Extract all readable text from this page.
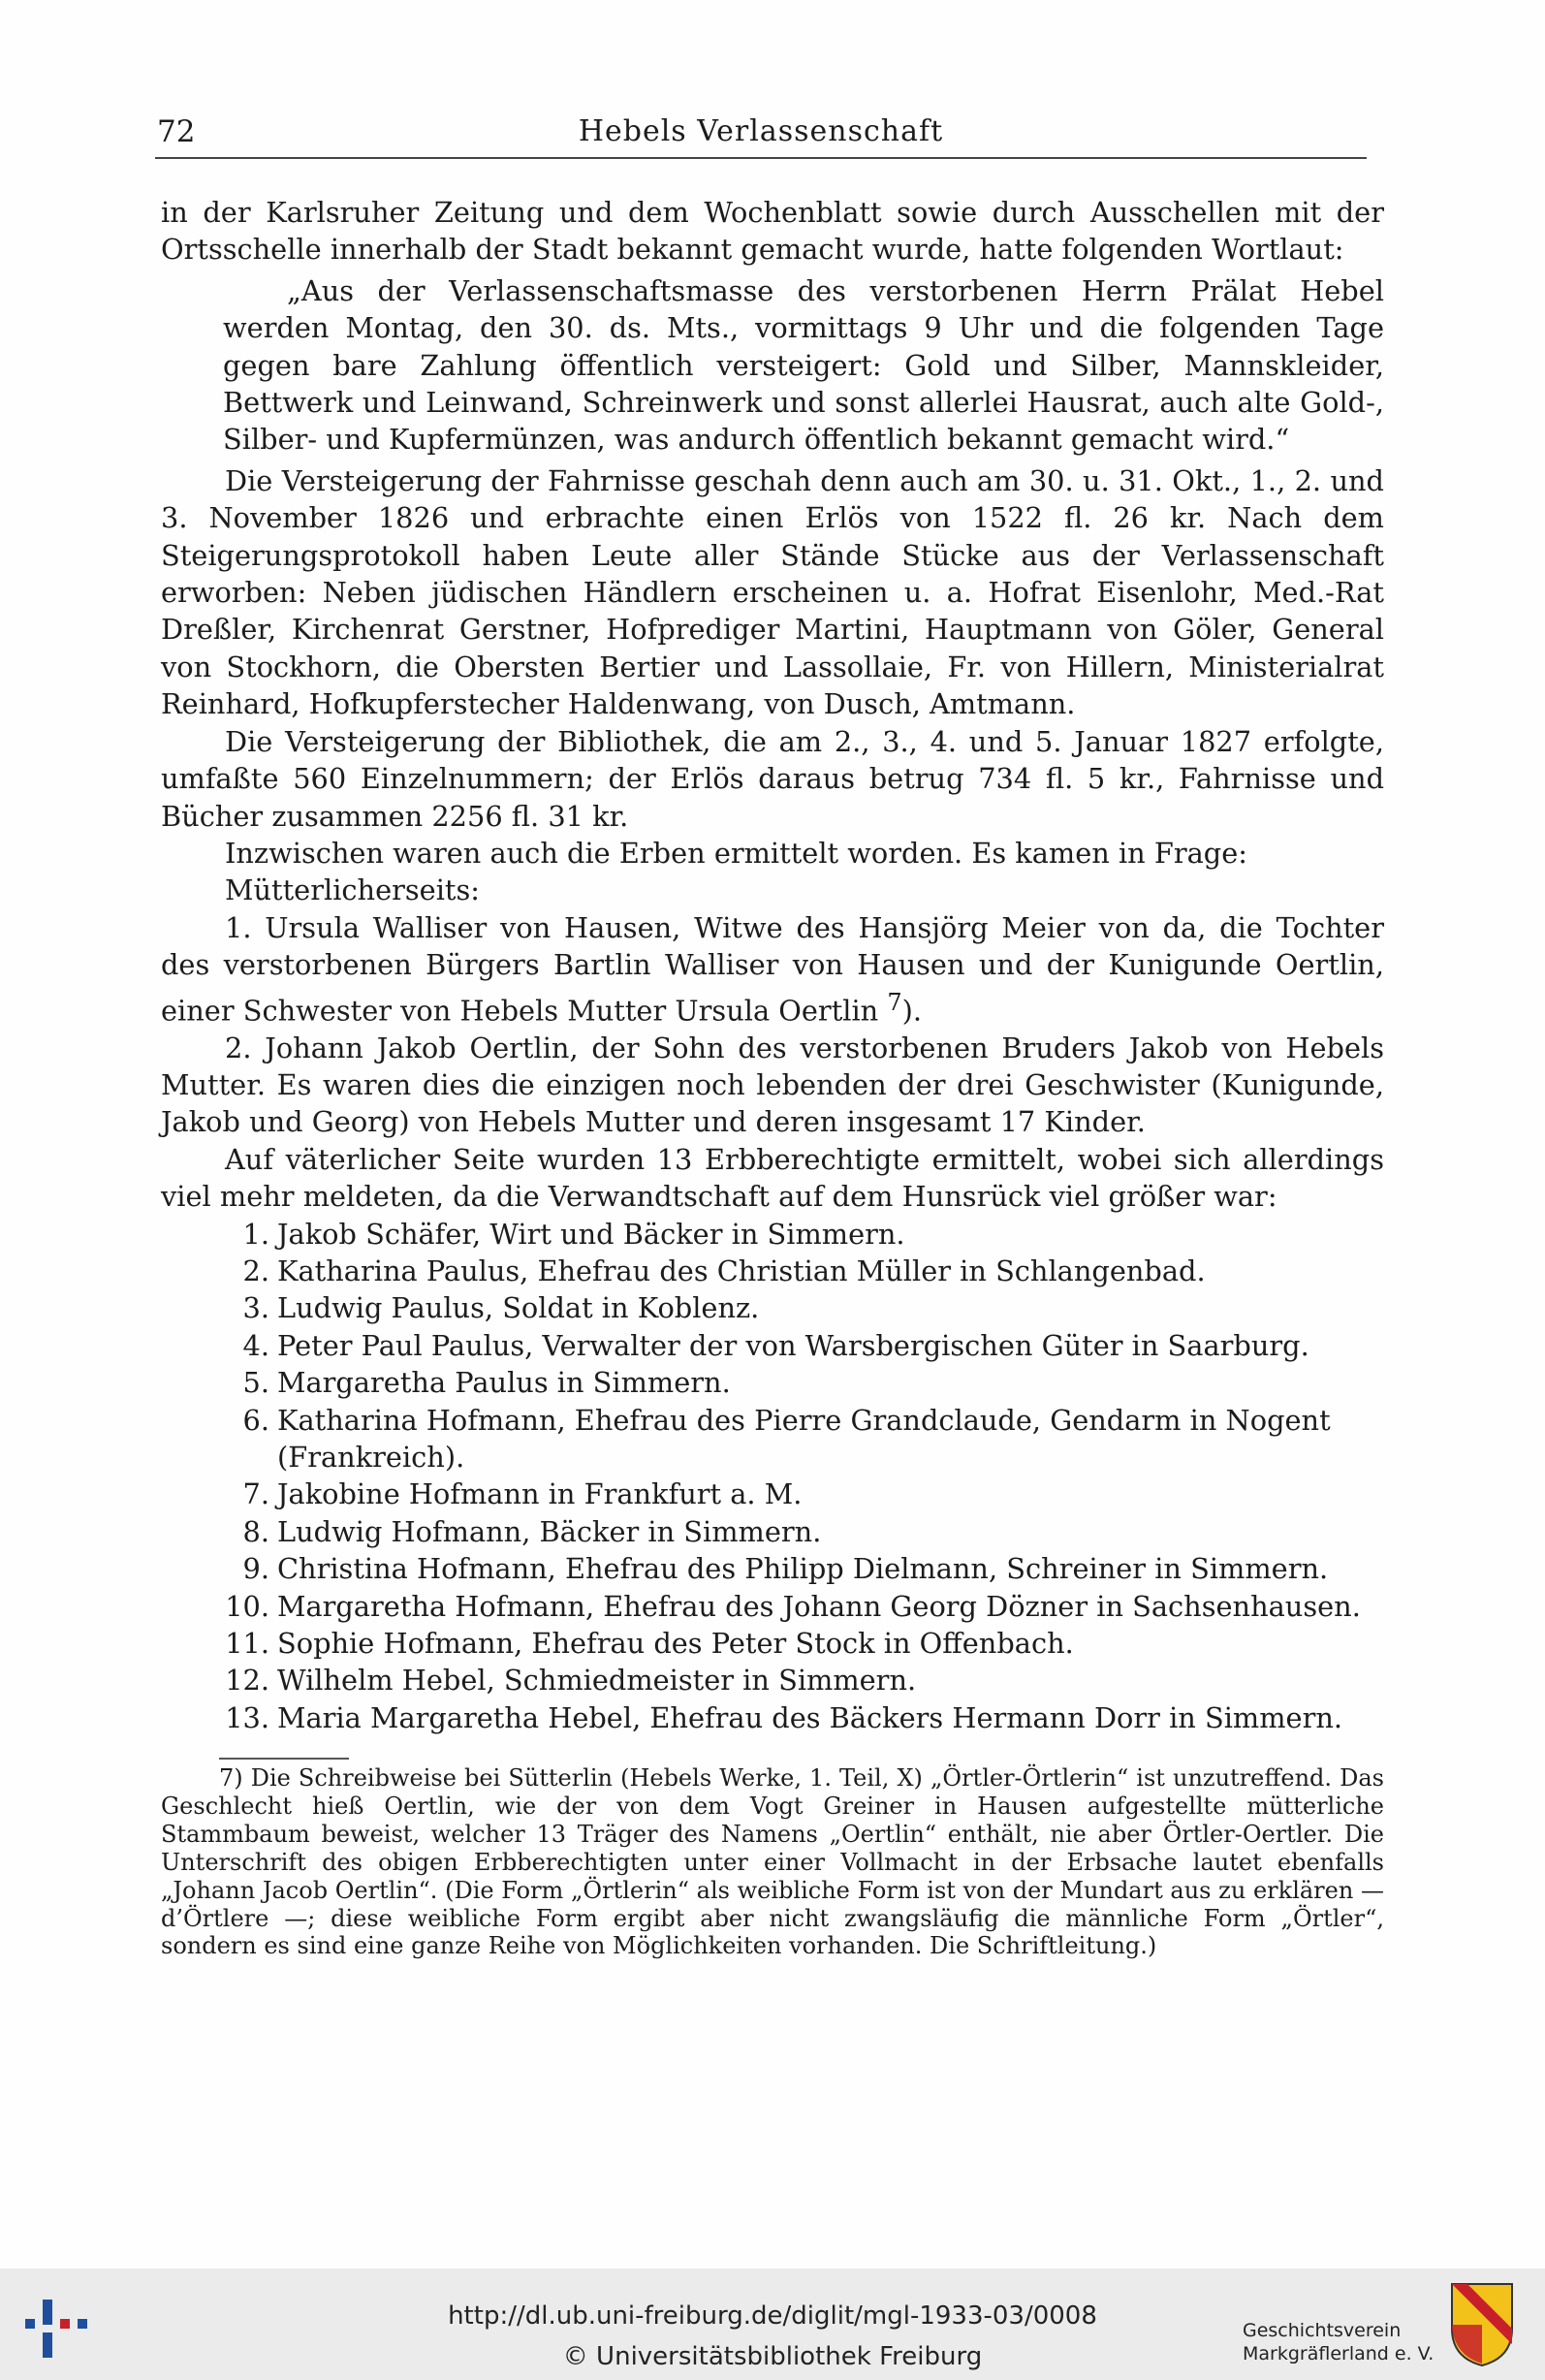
72	Hebels Verlassenschaft

in der Karlsruher Zeitung und dem Wochenblatt sowie durch Ausschellen mit der Ortsschelle innerhalb der Stadt bekannt gemacht wurde, hatte folgenden Wortlaut:

„Aus der Verlassenschaftsmasse des verstorbenen Herrn Prälat Hebel werden Montag, den 30. ds. Mts., vormittags 9 Uhr und die folgenden Tage gegen bare Zahlung öffentlich versteigert: Gold und Silber, Mannskleider, Bettwerk und Leinwand, Schreinwerk und sonst allerlei Hausrat, auch alte Gold-, Silber- und Kupfermünzen, was andurch öffentlich bekannt gemacht wird.“

Die Versteigerung der Fahrnisse geschah denn auch am 30. u. 31. Okt., 1., 2. und 3. November 1826 und erbrachte einen Erlös von 1522 fl. 26 kr. Nach dem Steigerungsprotokoll haben Leute aller Stände Stücke aus der Verlassenschaft erworben: Neben jüdischen Händlern erscheinen u. a. Hofrat Eisenlohr, Med.-Rat Dreßler, Kirchenrat Gerstner, Hofprediger Martini, Hauptmann von Göler, General von Stockhorn, die Obersten Bertier und Lassollaie, Fr. von Hillern, Ministerialrat Reinhard, Hofkupferstecher Haldenwang, von Dusch, Amtmann.

Die Versteigerung der Bibliothek, die am 2., 3., 4. und 5. Januar 1827 erfolgte, umfaßte 560 Einzelnummern; der Erlös daraus betrug 734 fl. 5 kr., Fahrnisse und Bücher zusammen 2256 fl. 31 kr.

Inzwischen waren auch die Erben ermittelt worden. Es kamen in Frage:

Mütterlicherseits:

1. Ursula Walliser von Hausen, Witwe des Hansjörg Meier von da, die Tochter des verstorbenen Bürgers Bartlin Walliser von Hausen und der Kunigunde Oertlin, einer Schwester von Hebels Mutter Ursula Oertlin $^7$).

2. Johann Jakob Oertlin, der Sohn des verstorbenen Bruders Jakob von Hebels Mutter. Es waren dies die einzigen noch lebenden der drei Geschwister (Kunigunde, Jakob und Georg) von Hebels Mutter und deren insgesamt 17 Kinder.

Auf väterlicher Seite wurden 13 Erbberechtigte ermittelt, wobei sich allerdings viel mehr meldeten, da die Verwandtschaft auf dem Hunsrück viel größer war:

1. Jakob Schäfer, Wirt und Bäcker in Simmern.
2. Katharina Paulus, Ehefrau des Christian Müller in Schlangenbad.
3. Ludwig Paulus, Soldat in Koblenz.
4. Peter Paul Paulus, Verwalter der von Warsbergischen Güter in Saarburg.
5. Margaretha Paulus in Simmern.
6. Katharina Hofmann, Ehefrau des Pierre Grandclaude, Gendarm in Nogent (Frankreich).
7. Jakobine Hofmann in Frankfurt a. M.
8. Ludwig Hofmann, Bäcker in Simmern.
9. Christina Hofmann, Ehefrau des Philipp Dielmann, Schreiner in Simmern.
10. Margaretha Hofmann, Ehefrau des Johann Georg Dözner in Sachsenhausen.
11. Sophie Hofmann, Ehefrau des Peter Stock in Offenbach.
12. Wilhelm Hebel, Schmiedmeister in Simmern.
13. Maria Margaretha Hebel, Ehefrau des Bäckers Hermann Dorr in Simmern.

7) Die Schreibweise bei Sütterlin (Hebels Werke, 1. Teil, X) „Örtler-Örtlerin“ ist unzutreffend. Das Geschlecht hieß Oertlin, wie der von dem Vogt Greiner in Hausen aufgestellte mütterliche Stammbaum beweist, welcher 13 Träger des Namens „Oertlin“ enthält, nie aber Örtler-Oertler. Die Unterschrift des obigen Erbberechtigten unter einer Vollmacht in der Erbsache lautet ebenfalls „Johann Jacob Oertlin“. (Die Form „Örtlerin“ als weibliche Form ist von der Mundart aus zu erklären — d’Örtlere —; diese weibliche Form ergibt aber nicht zwangsläufig die männliche Form „Örtler“, sondern es sind eine ganze Reihe von Möglichkeiten vorhanden. Die Schriftleitung.)

http://dl.ub.uni-freiburg.de/diglit/mgl-1933-03/0008
© Universitätsbibliothek Freiburg
Geschichtsverein
Markgräflerland e. V.
